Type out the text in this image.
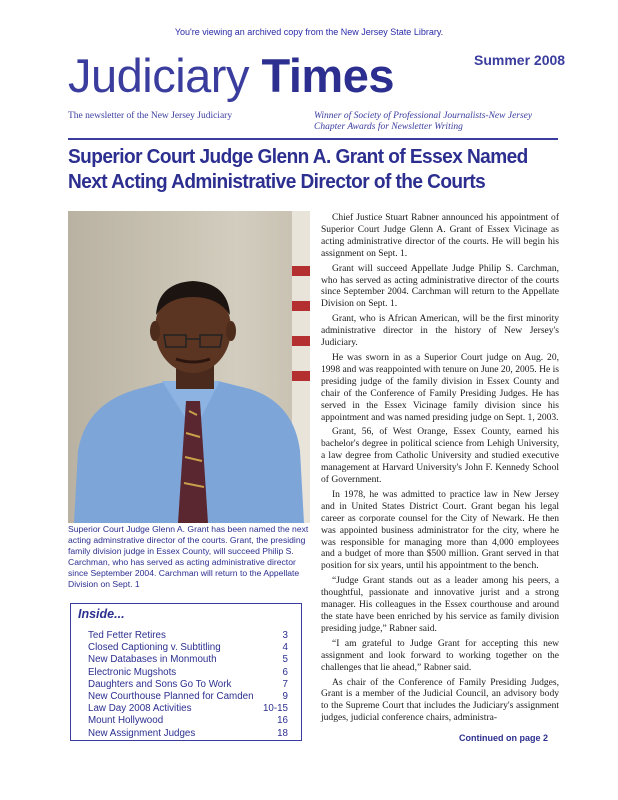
You're viewing an archived copy from the New Jersey State Library.
Judiciary Times	Summer 2008
The newsletter of the New Jersey Judiciary	Winner of Society of Professional Journalists-New Jersey
Chapter Awards for Newsletter Writing
Superior Court Judge Glenn A. Grant of Essex Named
Next Acting Administrative Director of the Courts
Superior Court Judge Glenn A. Grant has been named the next acting adminstrative director of the courts. Grant, the presiding family division judge in Essex County, will succeed Philip S. Carchman, who has served as acting administrative director since September 2004. Carchman will return to the Appellate Division on Sept. 1
Inside...
Ted Fetter Retires	3
Closed Captioning v. Subtitling	4
New Databases in Monmouth	5
Electronic Mugshots	6
Daughters and Sons Go To Work	7
New Courthouse Planned for Camden	9
Law Day 2008 Activities	10-15
Mount Hollywood	16
New Assignment Judges	18

Chief Justice Stuart Rabner announced his appointment of Superior Court Judge Glenn A. Grant of Essex Vicinage as acting administrative director of the courts. He will begin his assignment on Sept. 1.

Grant will succeed Appellate Judge Philip S. Carchman, who has served as acting administrative director of the courts since September 2004. Carchman will return to the Appellate Division on Sept. 1.

Grant, who is African American, will be the first minority administrative director in the history of New Jersey's Judiciary.

He was sworn in as a Superior Court judge on Aug. 20, 1998 and was reappointed with tenure on June 20, 2005. He is presiding judge of the family division in Essex County and chair of the Conference of Family Presiding Judges. He has served in the Essex Vicinage family division since his appointment and was named presiding judge on Sept. 1, 2003.

Grant, 56, of West Orange, Essex County, earned his bachelor's degree in political science from Lehigh University, a law degree from Catholic University and studied executive management at Harvard University's John F. Kennedy School of Government.

In 1978, he was admitted to practice law in New Jersey and in United States District Court. Grant began his legal career as corporate counsel for the City of Newark. He then was appointed business administrator for the city, where he was responsible for managing more than 4,000 employees and a budget of more than $500 million. Grant served in that position for six years, until his appointment to the bench.

“Judge Grant stands out as a leader among his peers, a thoughtful, passionate and innovative jurist and a strong manager. His colleagues in the Essex courthouse and around the state have been enriched by his service as family division presiding judge,” Rabner said.

“I am grateful to Judge Grant for accepting this new assignment and look forward to working together on the challenges that lie ahead,” Rabner said.

As chair of the Conference of Family Presiding Judges, Grant is a member of the Judicial Council, an advisory body to the Supreme Court that includes the Judiciary's assignment judges, judicial conference chairs, administra-

Continued on page 2
